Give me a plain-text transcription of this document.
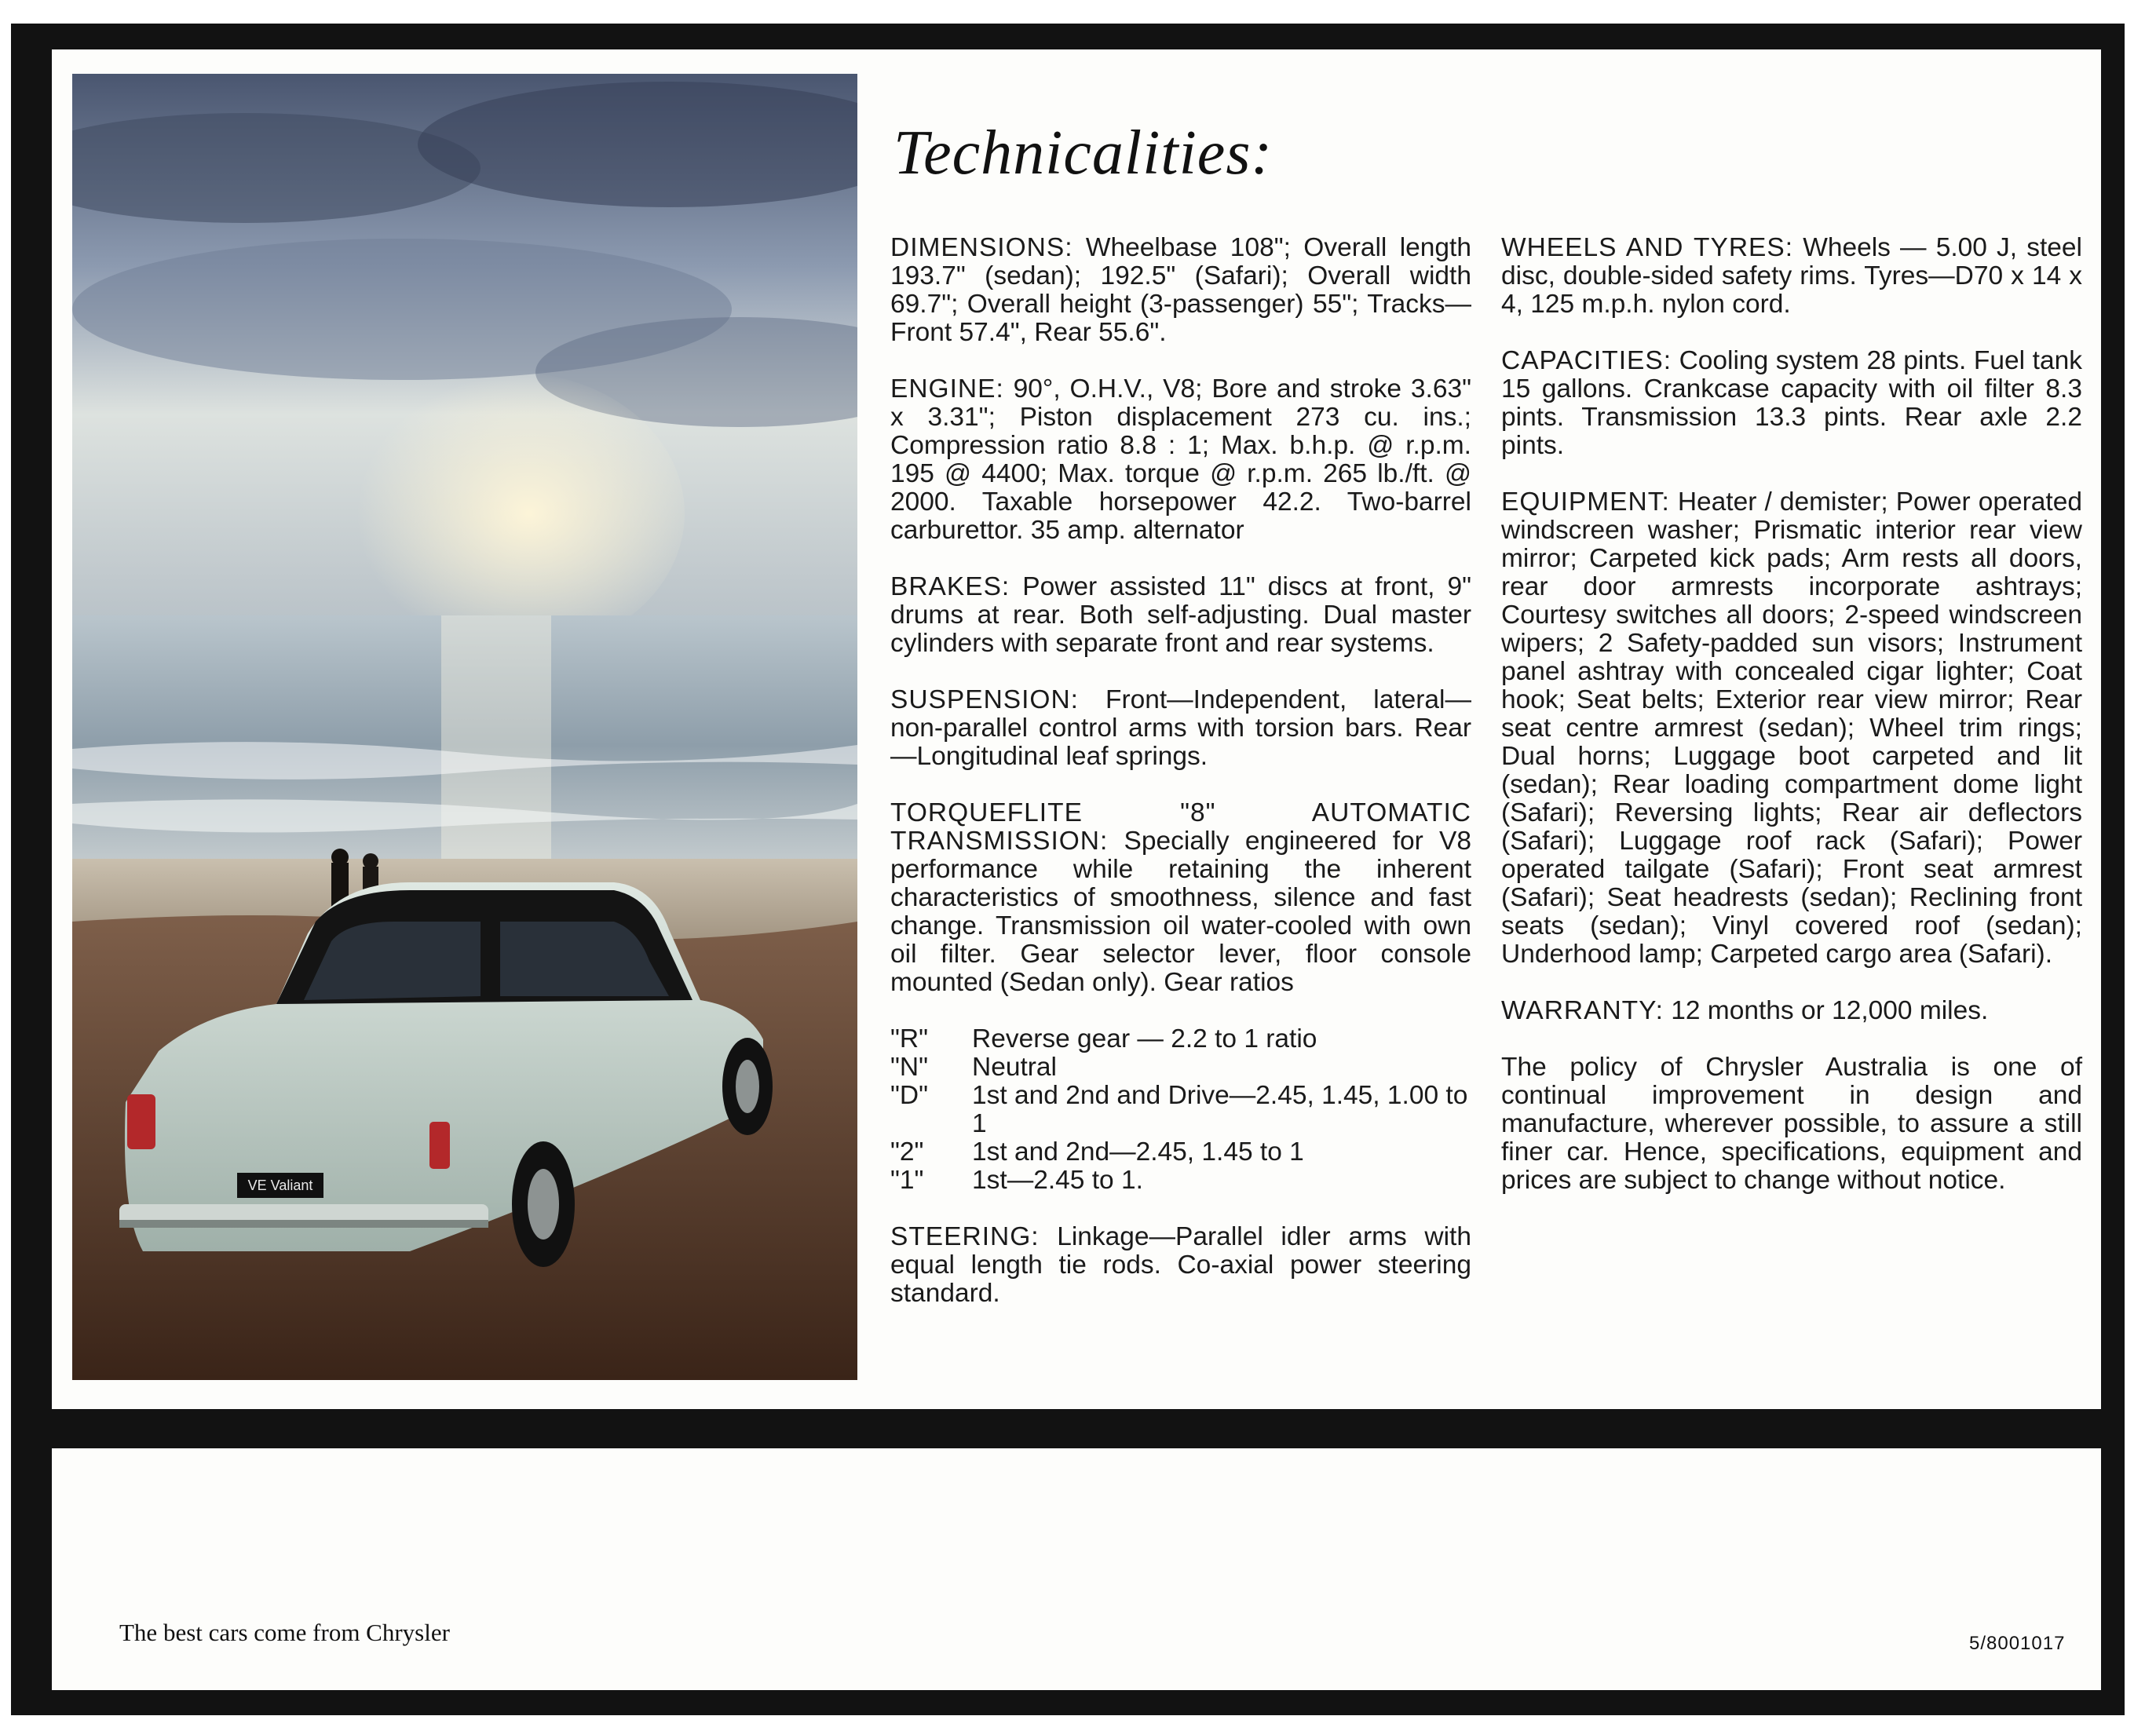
VE Valiant
Technicalities:

DIMENSIONS: Wheelbase 108"; Overall length 193.7" (sedan); 192.5" (Safari); Overall width 69.7"; Overall height (3-passenger) 55"; Tracks—Front 57.4", Rear 55.6".

ENGINE: 90°, O.H.V., V8; Bore and stroke 3.63" x 3.31"; Piston displacement 273 cu. ins.; Compression ratio 8.8 : 1; Max. b.h.p. @ r.p.m. 195 @ 4400; Max. torque @ r.p.m. 265 lb./ft. @ 2000. Taxable horsepower 42.2. Two-barrel carburettor. 35 amp. alternator

BRAKES: Power assisted 11" discs at front, 9" drums at rear. Both self-adjusting. Dual master cylinders with separate front and rear systems.

SUSPENSION: Front—Independent, lateral—non-parallel control arms with torsion bars. Rear—Longitudinal leaf springs.

TORQUEFLITE "8" AUTOMATIC TRANSMISSION: Specially engineered for V8 performance while retaining the inherent characteristics of smoothness, silence and fast change. Transmission oil water-cooled with own oil filter. Gear selector lever, floor console mounted (Sedan only). Gear ratios

"R"	Reverse gear — 2.2 to 1 ratio
"N"	Neutral
"D"	1st and 2nd and Drive—2.45, 1.45, 1.00 to 1
"2"	1st and 2nd—2.45, 1.45 to 1
"1"	1st—2.45 to 1.

STEERING: Linkage—Parallel idler arms with equal length tie rods. Co-axial power steering standard.

WHEELS AND TYRES: Wheels — 5.00 J, steel disc, double-sided safety rims. Tyres—D70 x 14 x 4, 125 m.p.h. nylon cord.

CAPACITIES: Cooling system 28 pints. Fuel tank 15 gallons. Crankcase capacity with oil filter 8.3 pints. Transmission 13.3 pints. Rear axle 2.2 pints.

EQUIPMENT: Heater / demister; Power operated windscreen washer; Prismatic interior rear view mirror; Carpeted kick pads; Arm rests all doors, rear door armrests incorporate ashtrays; Courtesy switches all doors; 2-speed windscreen wipers; 2 Safety-padded sun visors; Instrument panel ashtray with concealed cigar lighter; Coat hook; Seat belts; Exterior rear view mirror; Rear seat centre armrest (sedan); Wheel trim rings; Dual horns; Luggage boot carpeted and lit (sedan); Rear loading compartment dome light (Safari); Reversing lights; Rear air deflectors (Safari); Luggage roof rack (Safari); Power operated tailgate (Safari); Front seat armrest (Safari); Seat headrests (sedan); Reclining front seats (sedan); Vinyl covered roof (sedan); Underhood lamp; Carpeted cargo area (Safari).

WARRANTY: 12 months or 12,000 miles.

The policy of Chrysler Australia is one of continual improvement in design and manufacture, wherever possible, to assure a still finer car. Hence, specifications, equipment and prices are subject to change without notice.

The best cars come from Chrysler	5/8001017
